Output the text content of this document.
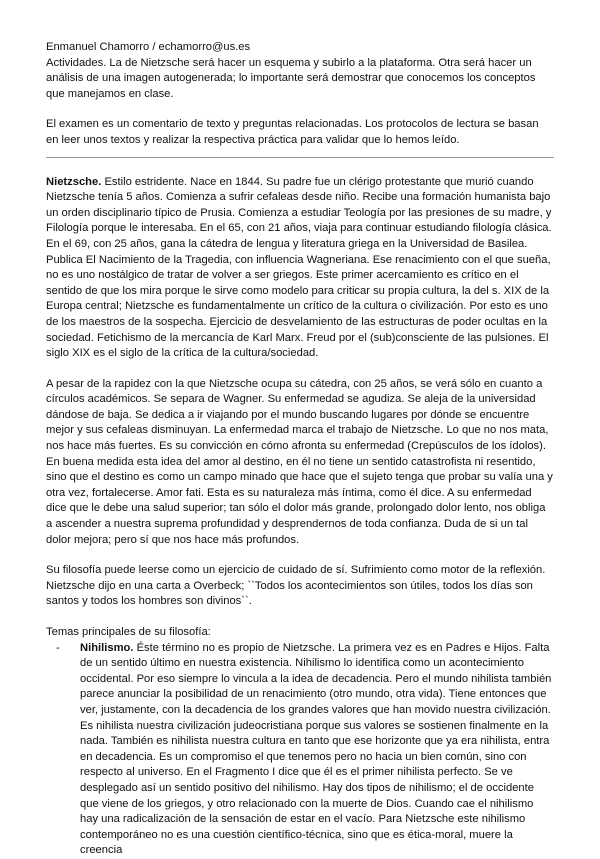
Enmanuel Chamorro / echamorro@us.es

Actividades. La de Nietzsche será hacer un esquema y subirlo a la plataforma. Otra será hacer un análisis de una imagen autogenerada; lo importante será demostrar que conocemos los conceptos que manejamos en clase.

El examen es un comentario de texto y preguntas relacionadas. Los protocolos de lectura se basan en leer unos textos y realizar la respectiva práctica para validar que lo hemos leído.

Nietzsche. Estilo estridente. Nace en 1844. Su padre fue un clérigo protestante que murió cuando Nietzsche tenía 5 años. Comienza a sufrir cefaleas desde niño. Recibe una formación humanista bajo un orden disciplinario típico de Prusia. Comienza a estudiar Teología por las presiones de su madre, y Filología porque le interesaba. En el 65, con 21 años, viaja para continuar estudiando filología clásica. En el 69, con 25 años, gana la cátedra de lengua y literatura griega en la Universidad de Basilea. Publica El Nacimiento de la Tragedia, con influencia Wagneriana. Ese renacimiento con el que sueña, no es uno nostálgico de tratar de volver a ser griegos. Este primer acercamiento es crítico en el sentido de que los mira porque le sirve como modelo para criticar su propia cultura, la del s. XIX de la Europa central; Nietzsche es fundamentalmente un crítico de la cultura o civilización. Por esto es uno de los maestros de la sospecha. Ejercicio de desvelamiento de las estructuras de poder ocultas en la sociedad. Fetichismo de la mercancía de Karl Marx. Freud por el (sub)consciente de las pulsiones. El siglo XIX es el siglo de la crítica de la cultura/sociedad.

A pesar de la rapidez con la que Nietzsche ocupa su cátedra, con 25 años, se verá sólo en cuanto a círculos académicos. Se separa de Wagner. Su enfermedad se agudiza. Se aleja de la universidad dándose de baja. Se dedica a ir viajando por el mundo buscando lugares por dónde se encuentre mejor y sus cefaleas disminuyan. La enfermedad marca el trabajo de Nietzsche. Lo que no nos mata, nos hace más fuertes. Es su convicción en cómo afronta su enfermedad (Crepúsculos de los ídolos). En buena medida esta idea del amor al destino, en él no tiene un sentido catastrofista ni resentido, sino que el destino es como un campo minado que hace que el sujeto tenga que probar su valía una y otra vez, fortalecerse. Amor fati. Esta es su naturaleza más íntima, como él dice. A su enfermedad dice que le debe una salud superior; tan sólo el dolor más grande, prolongado dolor lento, nos obliga a ascender a nuestra suprema profundidad y desprendernos de toda confianza. Duda de si un tal dolor mejora; pero sí que nos hace más profundos.

Su filosofía puede leerse como un ejercicio de cuidado de sí. Sufrimiento como motor de la reflexión. Nietzsche dijo en una carta a Overbeck; ``Todos los acontecimientos son útiles, todos los días son santos y todos los hombres son divinos``.

Temas principales de su filosofía:

-	Nihilismo. Éste término no es propio de Nietzsche. La primera vez es en Padres e Hijos. Falta de un sentido último en nuestra existencia. Nihilismo lo identifica como un acontecimiento occidental. Por eso siempre lo vincula a la idea de decadencia. Pero el mundo nihilista también parece anunciar la posibilidad de un renacimiento (otro mundo, otra vida). Tiene entonces que ver, justamente, con la decadencia de los grandes valores que han movido nuestra civilización. Es nihilista nuestra civilización judeocristiana porque sus valores se sostienen finalmente en la nada. También es nihilista nuestra cultura en tanto que ese horizonte que ya era nihilista, entra en decadencia. Es un compromiso el que tenemos pero no hacia un bien común, sino con respecto al universo. En el Fragmento I dice que él es el primer nihilista perfecto. Se ve desplegado así un sentido positivo del nihilismo. Hay dos tipos de nihilismo; el de occidente que viene de los griegos, y otro relacionado con la muerte de Dios. Cuando cae el nihilismo hay una radicalización de la sensación de estar en el vacío. Para Nietzsche este nihilismo contemporáneo no es una cuestión científico-técnica, sino que es ética-moral, muere la creencia
